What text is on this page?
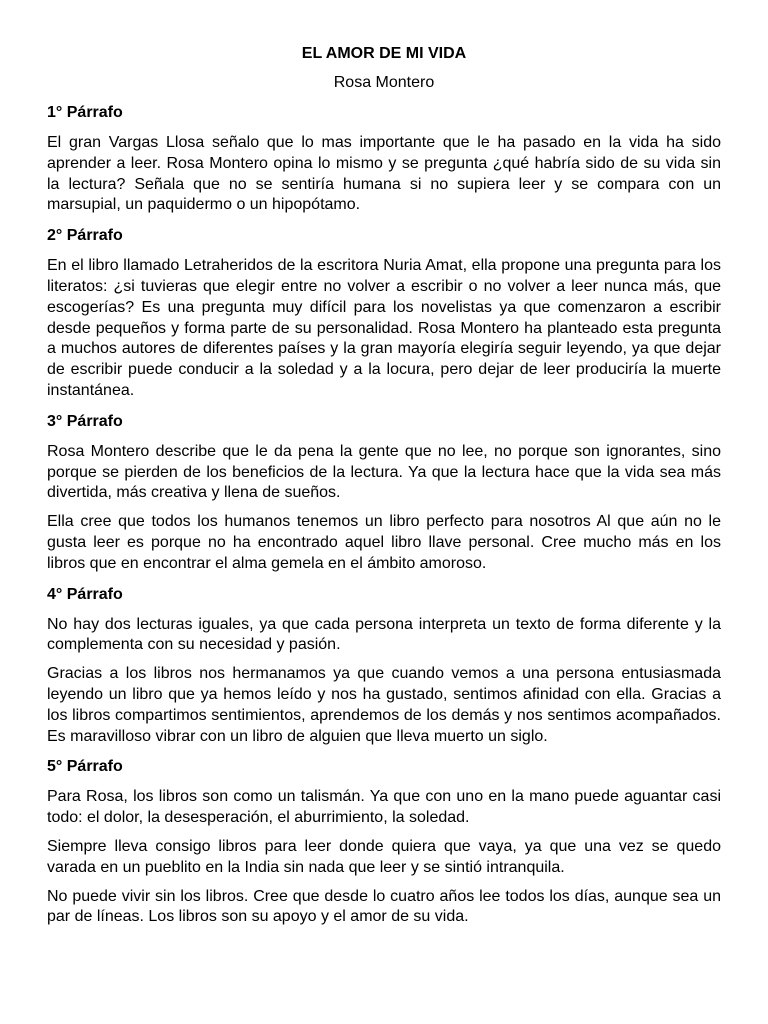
EL AMOR DE MI VIDA
Rosa Montero
1° Párrafo

El gran Vargas Llosa señalo que lo mas importante que le ha pasado en la vida ha sido aprender a leer. Rosa Montero opina lo mismo y se pregunta ¿qué habría sido de su vida sin la lectura? Señala que no se sentiría humana si no supiera leer y se compara con un marsupial, un paquidermo o un hipopótamo.

2° Párrafo

En el libro llamado Letraheridos de la escritora Nuria Amat, ella propone una pregunta para los literatos: ¿si tuvieras que elegir entre no volver a escribir o no volver a leer nunca más, que escogerías? Es una pregunta muy difícil para los novelistas ya que comenzaron a escribir desde pequeños y forma parte de su personalidad. Rosa Montero ha planteado esta pregunta a muchos autores de diferentes países y la gran mayoría elegiría seguir leyendo, ya que dejar de escribir puede conducir a la soledad y a la locura, pero dejar de leer produciría la muerte instantánea.

3° Párrafo

Rosa Montero describe que le da pena la gente que no lee, no porque son ignorantes, sino porque se pierden de los beneficios de la lectura. Ya que la lectura hace que la vida sea más divertida, más creativa y llena de sueños.

Ella cree que todos los humanos tenemos un libro perfecto para nosotros Al que aún no le gusta leer es porque no ha encontrado aquel libro llave personal. Cree mucho más en los libros que en encontrar el alma gemela en el ámbito amoroso.

4° Párrafo

No hay dos lecturas iguales, ya que cada persona interpreta un texto de forma diferente y la complementa con su necesidad y pasión.

Gracias a los libros nos hermanamos ya que cuando vemos a una persona entusiasmada leyendo un libro que ya hemos leído y nos ha gustado, sentimos afinidad con ella. Gracias a los libros compartimos sentimientos, aprendemos de los demás y nos sentimos acompañados. Es maravilloso vibrar con un libro de alguien que lleva muerto un siglo.

5° Párrafo

Para Rosa, los libros son como un talismán. Ya que con uno en la mano puede aguantar casi todo: el dolor, la desesperación, el aburrimiento, la soledad.

Siempre lleva consigo libros para leer donde quiera que vaya, ya que una vez se quedo varada en un pueblito en la India sin nada que leer y se sintió intranquila.

No puede vivir sin los libros. Cree que desde lo cuatro años lee todos los días, aunque sea un par de líneas. Los libros son su apoyo y el amor de su vida.
